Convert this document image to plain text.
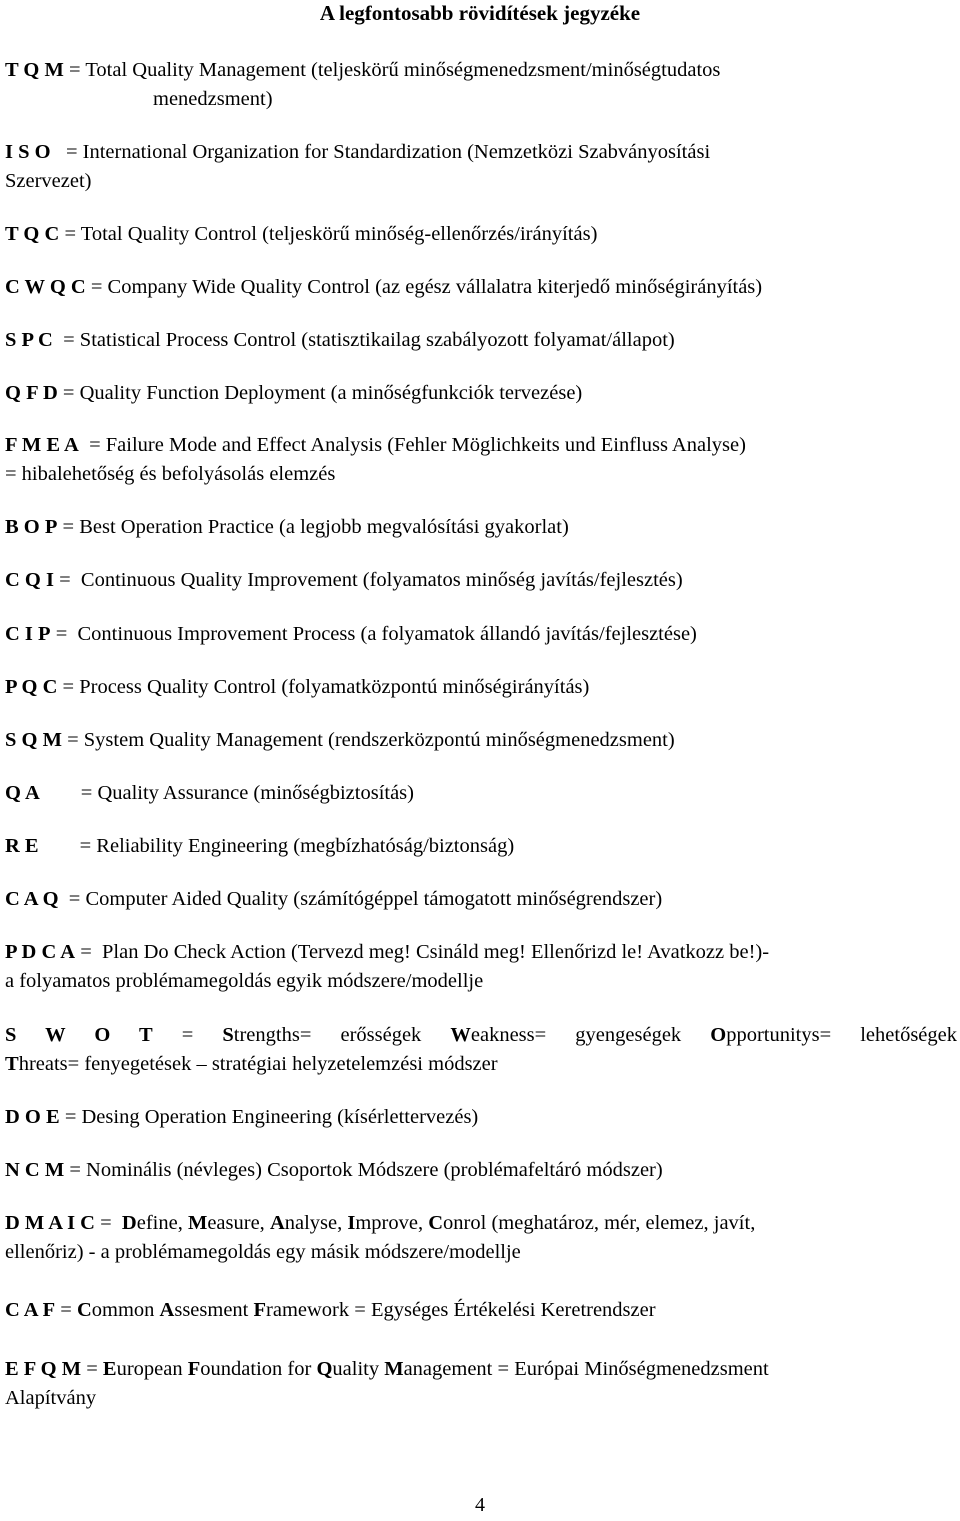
A legfontosabb rövidítések jegyzéke
T Q M = Total Quality Management (teljeskörű minőségmenedzsment/minőségtudatos
menedzsment)
I S O   = International Organization for Standardization (Nemzetközi Szabványosítási
Szervezet)
T Q C = Total Quality Control (teljeskörű minőség-ellenőrzés/irányítás)
C W Q C = Company Wide Quality Control (az egész vállalatra kiterjedő minőségirányítás)
S P C  = Statistical Process Control (statisztikailag szabályozott folyamat/állapot)
Q F D = Quality Function Deployment (a minőségfunkciók tervezése)
F M E A  = Failure Mode and Effect Analysis (Fehler Möglichkeits und Einfluss Analyse)
= hibalehetőség és befolyásolás elemzés
B O P = Best Operation Practice (a legjobb megvalósítási gyakorlat)
C Q I =  Continuous Quality Improvement (folyamatos minőség javítás/fejlesztés)
C I P =  Continuous Improvement Process (a folyamatok állandó javítás/fejlesztése)
P Q C = Process Quality Control (folyamatközpontú minőségirányítás)
S Q M = System Quality Management (rendszerközpontú minőségmenedzsment)
Q A        = Quality Assurance (minőségbiztosítás)
R E        = Reliability Engineering (megbízhatóság/biztonság)
C A Q  = Computer Aided Quality (számítógéppel támogatott minőségrendszer)
P D C A =  Plan Do Check Action (Tervezd meg! Csináld meg! Ellenőrizd le! Avatkozz be!)-
a folyamatos problémamegoldás egyik módszere/modellje
S W O T = Strengths= erősségek Weakness= gyengeségek Opportunitys= lehetőségek
Threats= fenyegetések – stratégiai helyzetelemzési módszer
D O E = Desing Operation Engineering (kísérlettervezés)
N C M = Nominális (névleges) Csoportok Módszere (problémafeltáró módszer)
D M A I C =  Define, Measure, Analyse, Improve, Conrol (meghatároz, mér, elemez, javít,
ellenőriz) - a problémamegoldás egy másik módszere/modellje
C A F = Common Assesment Framework = Egységes Értékelési Keretrendszer
E F Q M = European Foundation for Quality Management = Európai Minőségmenedzsment
Alapítvány
4
